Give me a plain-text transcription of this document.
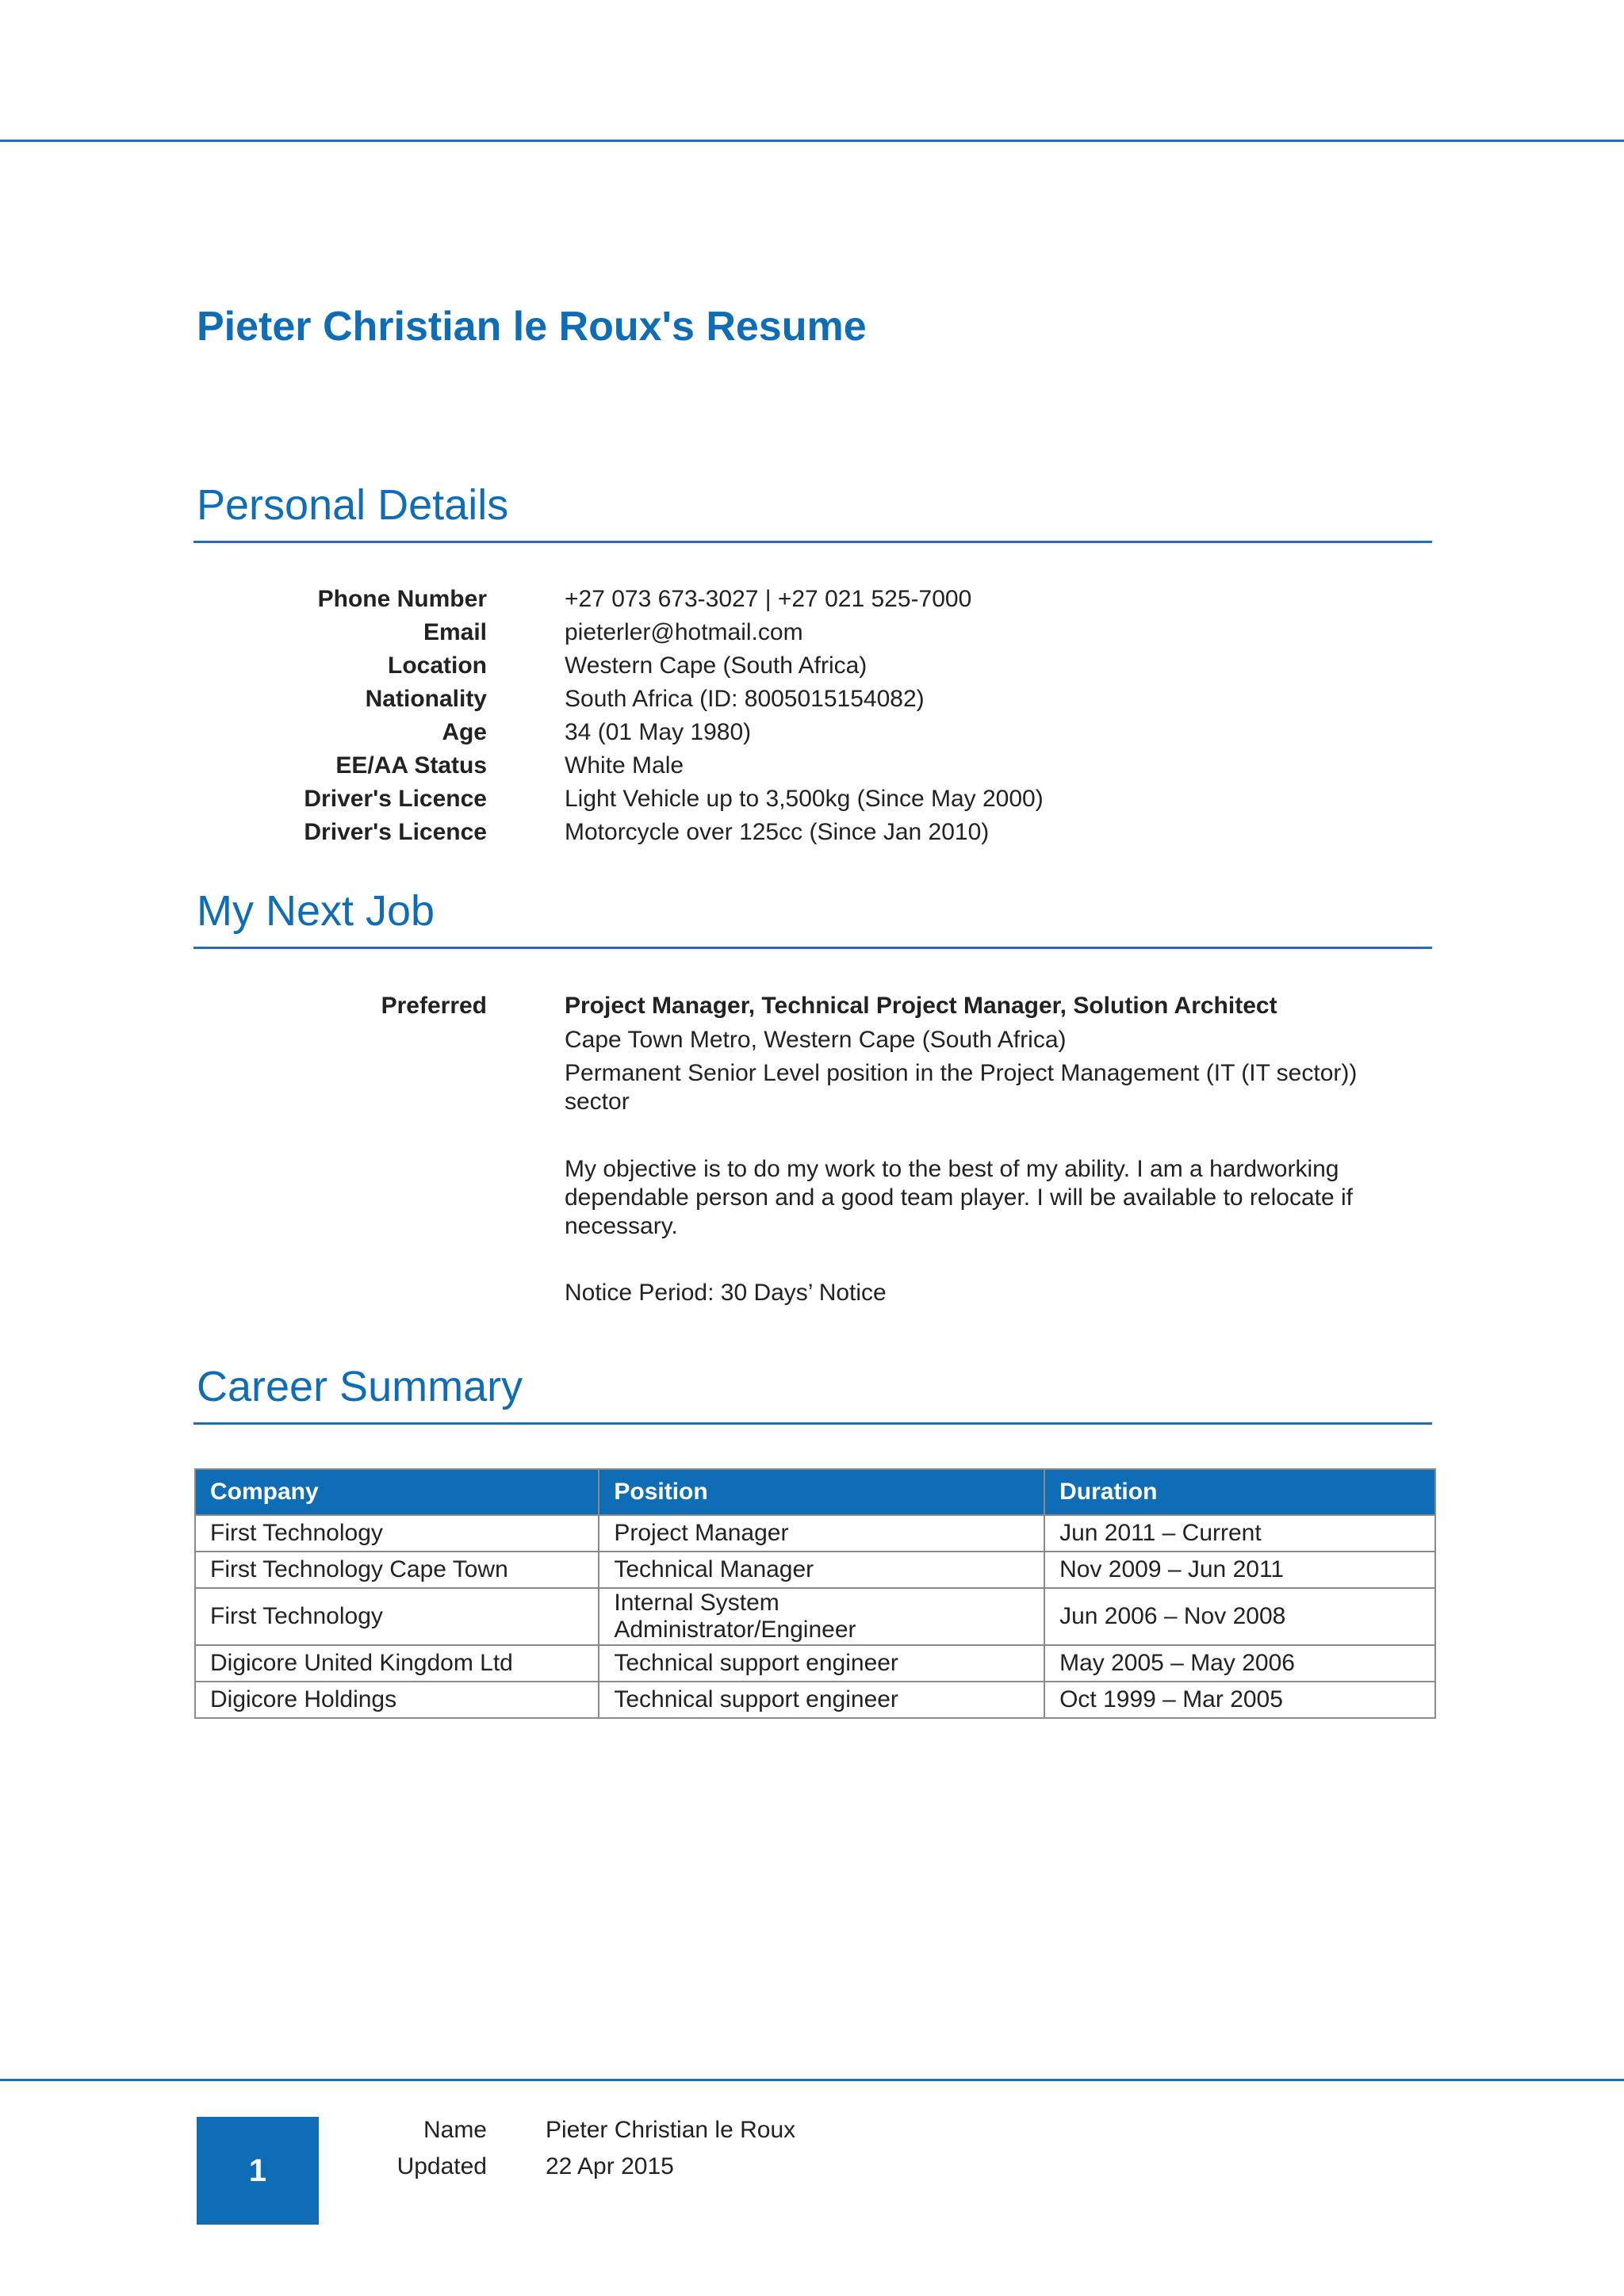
Pieter Christian le Roux's Resume
Personal Details
Phone Number	+27 073 673-3027 | +27 021 525-7000
Email	pieterler@hotmail.com
Location	Western Cape (South Africa)
Nationality	South Africa (ID: 8005015154082)
Age	34 (01 May 1980)
EE/AA Status	White Male
Driver's Licence	Light Vehicle up to 3,500kg (Since May 2000)
Driver's Licence	Motorcycle over 125cc (Since Jan 2010)
My Next Job
Preferred	Project Manager, Technical Project Manager, Solution Architect
Cape Town Metro, Western Cape (South Africa)
Permanent Senior Level position in the Project Management (IT (IT sector)) sector
My objective is to do my work to the best of my ability. I am a hardworking dependable person and a good team player. I will be available to relocate if necessary.
Notice Period: 30 Days’ Notice
Career Summary
Company	Position	Duration
First Technology	Project Manager	Jun 2011 – Current
First Technology Cape Town	Technical Manager	Nov 2009 – Jun 2011
First Technology	Internal System Administrator/Engineer	Jun 2006 – Nov 2008
Digicore United Kingdom Ltd	Technical support engineer	May 2005 – May 2006
Digicore Holdings	Technical support engineer	Oct 1999 – Mar 2005
1
Name Pieter Christian le Roux
Updated 22 Apr 2015
